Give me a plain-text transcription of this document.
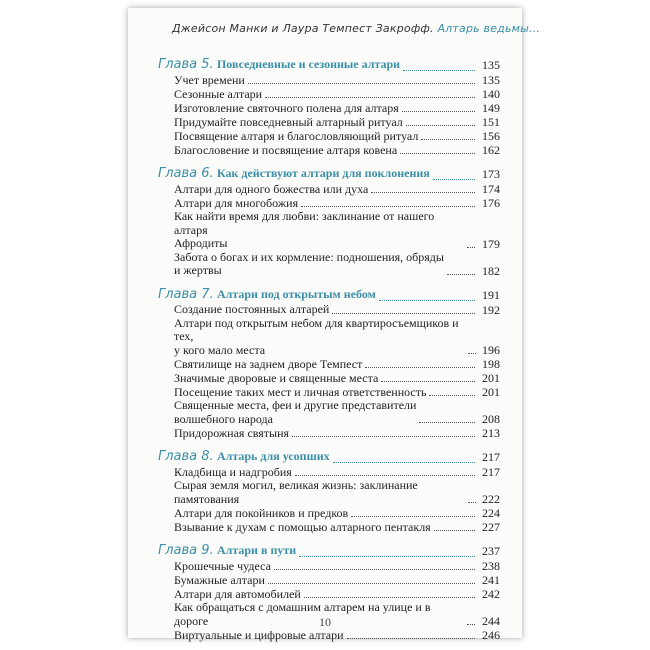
Джейсон Манки и Лаура Темпест Закрофф. Алтарь ведьмы...
Глава 5. Повседневные и сезонные алтари	135
Учет времени	135
Сезонные алтари	140
Изготовление святочного полена для алтаря	149
Придумайте повседневный алтарный ритуал	151
Посвящение алтаря и благословляющий ритуал	156
Благословение и посвящение алтаря ковена	162
Глава 6. Как действуют алтари для поклонения	173
Алтари для одного божества или духа	174
Алтари для многобожия	176
Как найти время для любви: заклинание от нашего алтаря
Афродиты	179
Забота о богах и их кормление: подношения, обряды
и жертвы	182
Глава 7. Алтари под открытым небом	191
Создание постоянных алтарей	192
Алтари под открытым небом для квартиросъемщиков и тех,
у кого мало места	196
Святилище на заднем дворе Темпест	198
Значимые дворовые и священные места	201
Посещение таких мест и личная ответственность	201
Священные места, феи и другие представители
волшебного народа	208
Придорожная святыня	213
Глава 8. Алтарь для усопших	217
Кладбища и надгробия	217
Сырая земля могил, великая жизнь: заклинание памятования	222
Алтари для покойников и предков	224
Взывание к духам с помощью алтарного пентакля	227
Глава 9. Алтари в пути	237
Крошечные чудеса	238
Бумажные алтари	241
Алтари для автомобилей	242
Как обращаться с домашним алтарем на улице и в дороге	244
Виртуальные и цифровые алтари	246
10
